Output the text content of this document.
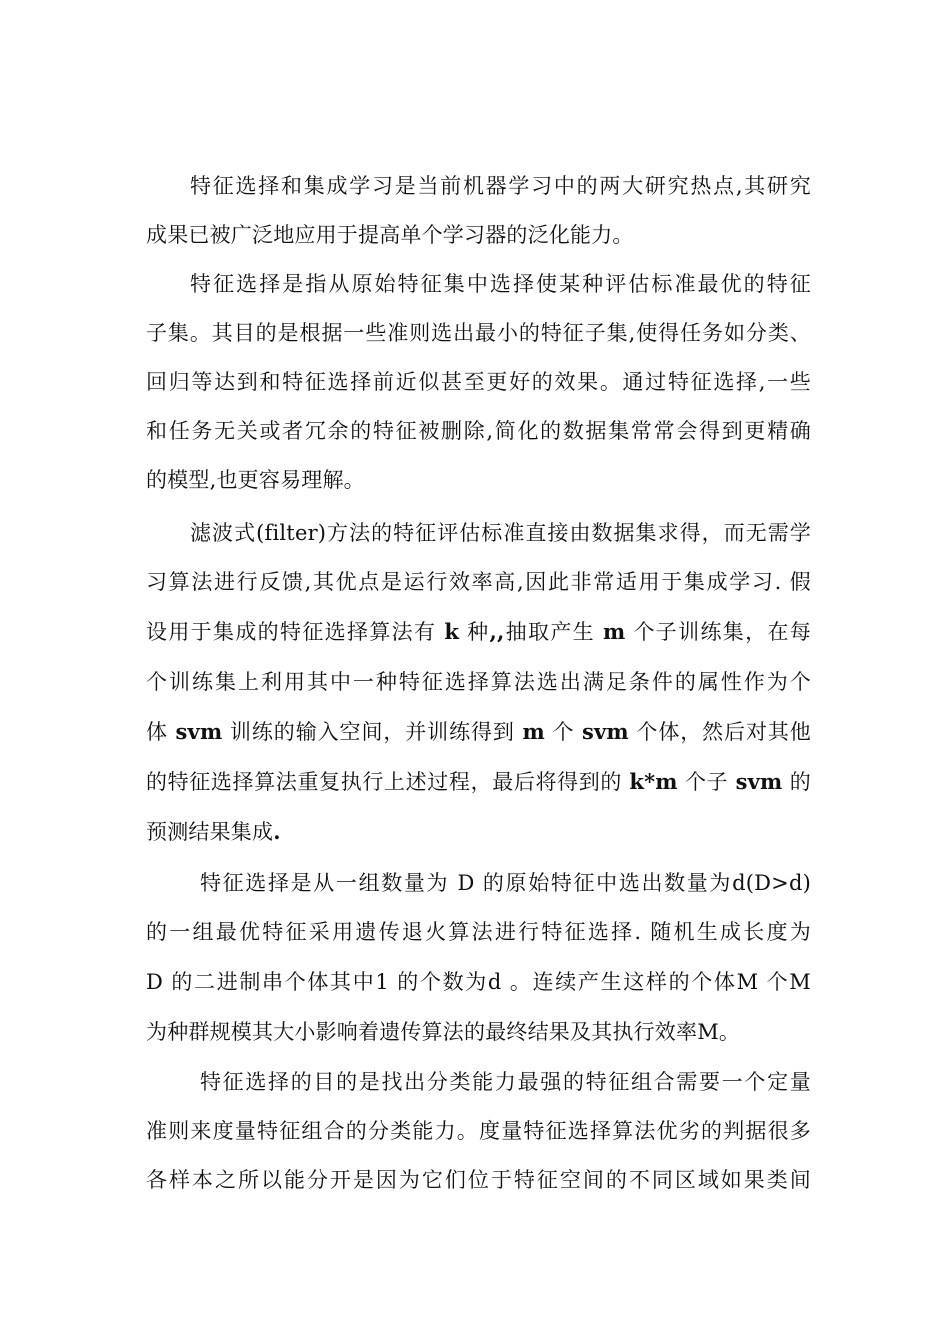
特征选择和集成学习是当前机器学习中的两大研究热点,其研究
成果已被广泛地应用于提高单个学习器的泛化能力。
特征选择是指从原始特征集中选择使某种评估标准最优的特征
子集。其目的是根据一些准则选出最小的特征子集,使得任务如分类、
回归等达到和特征选择前近似甚至更好的效果。通过特征选择,一些
和任务无关或者冗余的特征被删除,简化的数据集常常会得到更精确
的模型,也更容易理解。
滤波式(filter)方法的特征评估标准直接由数据集求得，而无需学
习算法进行反馈,其优点是运行效率高,因此非常适用于集成学习. 假
设用于集成的特征选择算法有 k 种,,抽取产生 m 个子训练集，在每
个训练集上利用其中一种特征选择算法选出满足条件的属性作为个
体 svm 训练的输入空间，并训练得到 m 个 svm 个体，然后对其他
的特征选择算法重复执行上述过程，最后将得到的 k*m 个子 svm 的
预测结果集成.
特征选择是从一组数量为 D 的原始特征中选出数量为d(D>d)
的一组最优特征采用遗传退火算法进行特征选择. 随机生成长度为
D 的二进制串个体其中1 的个数为d 。连续产生这样的个体M 个M
为种群规模其大小影响着遗传算法的最终结果及其执行效率M。
特征选择的目的是找出分类能力最强的特征组合需要一个定量
准则来度量特征组合的分类能力。度量特征选择算法优劣的判据很多
各样本之所以能分开是因为它们位于特征空间的不同区域如果类间
